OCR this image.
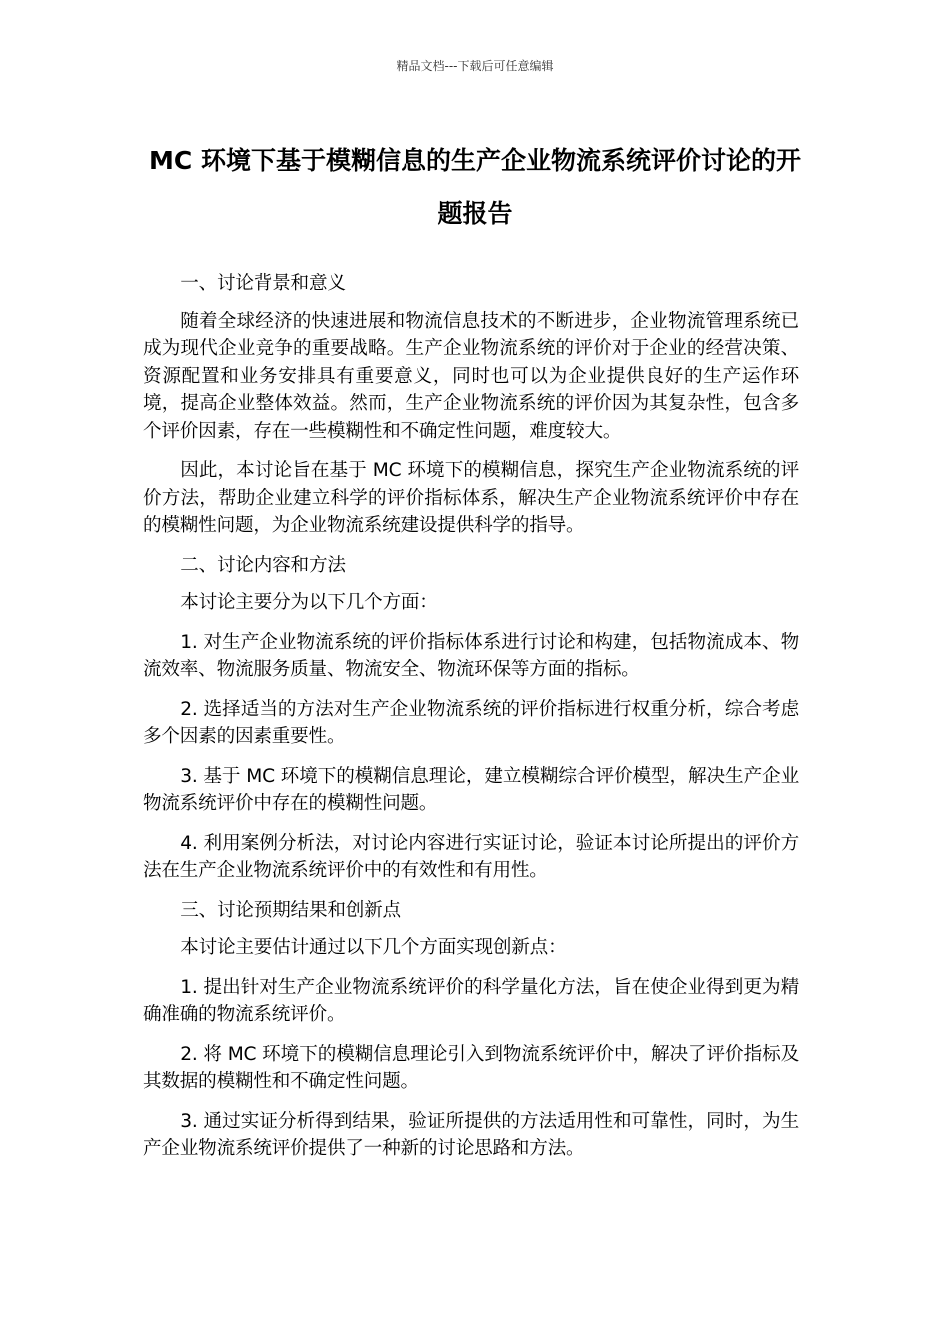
精品文档---下载后可任意编辑
MC 环境下基于模糊信息的生产企业物流系统评价讨论的开题报告

一、讨论背景和意义

随着全球经济的快速进展和物流信息技术的不断进步，企业物流管理系统已成为现代企业竞争的重要战略。生产企业物流系统的评价对于企业的经营决策、资源配置和业务安排具有重要意义，同时也可以为企业提供良好的生产运作环境，提高企业整体效益。然而，生产企业物流系统的评价因为其复杂性，包含多个评价因素，存在一些模糊性和不确定性问题，难度较大。

因此，本讨论旨在基于 MC 环境下的模糊信息，探究生产企业物流系统的评价方法，帮助企业建立科学的评价指标体系，解决生产企业物流系统评价中存在的模糊性问题，为企业物流系统建设提供科学的指导。

二、讨论内容和方法

本讨论主要分为以下几个方面：

1. 对生产企业物流系统的评价指标体系进行讨论和构建，包括物流成本、物流效率、物流服务质量、物流安全、物流环保等方面的指标。

2. 选择适当的方法对生产企业物流系统的评价指标进行权重分析，综合考虑多个因素的因素重要性。

3. 基于 MC 环境下的模糊信息理论，建立模糊综合评价模型，解决生产企业物流系统评价中存在的模糊性问题。

4. 利用案例分析法，对讨论内容进行实证讨论，验证本讨论所提出的评价方法在生产企业物流系统评价中的有效性和有用性。

三、讨论预期结果和创新点

本讨论主要估计通过以下几个方面实现创新点：

1. 提出针对生产企业物流系统评价的科学量化方法，旨在使企业得到更为精确准确的物流系统评价。

2. 将 MC 环境下的模糊信息理论引入到物流系统评价中，解决了评价指标及其数据的模糊性和不确定性问题。

3. 通过实证分析得到结果，验证所提供的方法适用性和可靠性，同时，为生产企业物流系统评价提供了一种新的讨论思路和方法。
